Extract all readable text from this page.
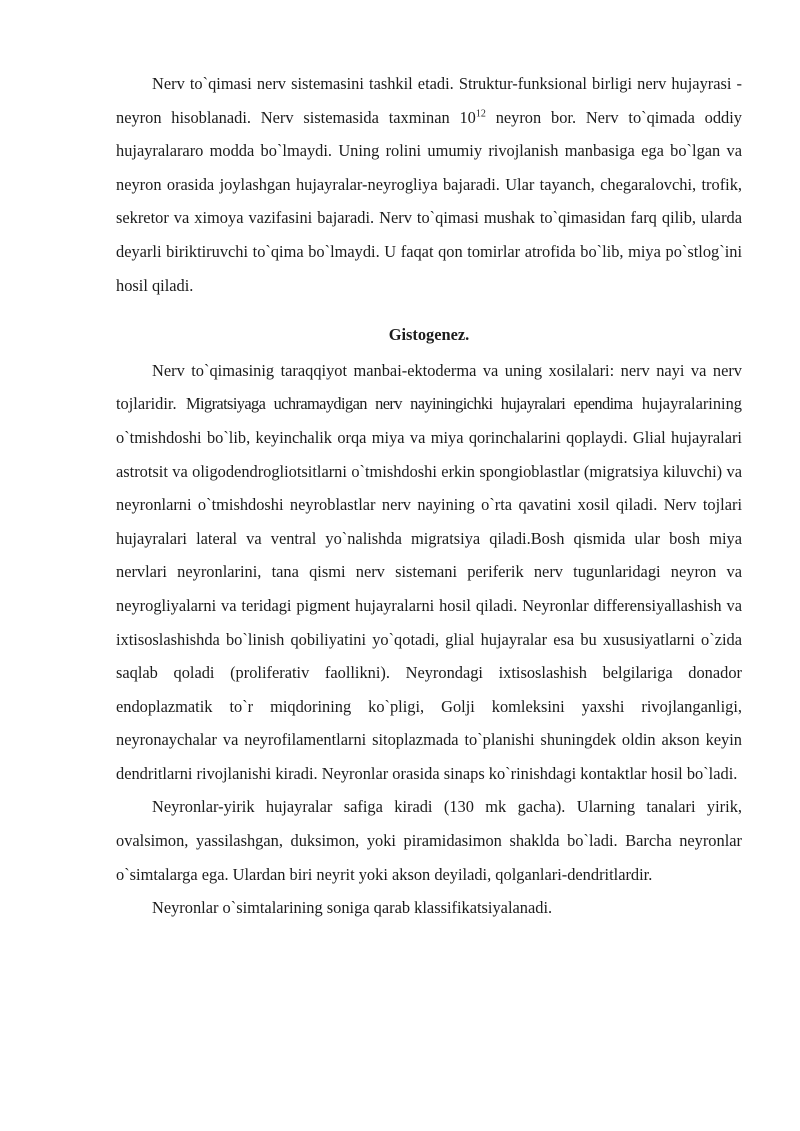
Nerv to`qimasi nerv sistemasini tashkil etadi. Struktur-funksional birligi nerv hujayrasi -neyron hisoblanadi. Nerv sistemasida taxminan $10^{12}$ neyron bor. Nerv to`qimada oddiy hujayralararo modda bo`lmaydi. Uning rolini umumiy rivojlanish manbasiga ega bo`lgan va neyron orasida joylashgan hujayralar-neyrogliya bajaradi. Ular tayanch, chegaralovchi, trofik, sekretor va ximoya vazifasini bajaradi. Nerv to`qimasi mushak to`qimasidan farq qilib, ularda deyarli biriktiruvchi to`qima bo`lmaydi. U faqat qon tomirlar atrofida bo`lib, miya po`stlog`ini hosil qiladi.

Gistogenez.

Nerv to`qimasinig taraqqiyot manbai-ektoderma va uning xosilalari: nerv nayi va nerv tojlaridir. Migratsiyaga uchramaydigan nerv nayiningichki hujayralari ependima hujayralarining o`tmishdoshi bo`lib, keyinchalik orqa miya va miya qorinchalarini qoplaydi. Glial hujayralari astrotsit va oligodendrogliotsitlarni o`tmishdoshi erkin spongioblastlar (migratsiya kiluvchi) va neyronlarni o`tmishdoshi neyroblastlar nerv nayining o`rta qavatini xosil qiladi. Nerv tojlari hujayralari lateral va ventral yo`nalishda migratsiya qiladi.Bosh qismida ular bosh miya nervlari neyronlarini, tana qismi nerv sistemani periferik nerv tugunlaridagi neyron va neyrogliyalarni va teridagi pigment hujayralarni hosil qiladi. Neyronlar differensiyallashish va ixtisoslashishda bo`linish qobiliyatini yo`qotadi, glial hujayralar esa bu xususiyatlarni o`zida saqlab qoladi (proliferativ faollikni). Neyrondagi ixtisoslashish belgilariga donador endoplazmatik to`r miqdorining ko`pligi, Golji komleksini yaxshi rivojlanganligi, neyronaychalar va neyrofilamentlarni sitoplazmada to`planishi shuningdek oldin akson keyin dendritlarni rivojlanishi kiradi. Neyronlar orasida sinaps ko`rinishdagi kontaktlar hosil bo`ladi.

Neyronlar-yirik hujayralar safiga kiradi (130 mk gacha). Ularning tanalari yirik, ovalsimon, yassilashgan, duksimon, yoki piramidasimon shaklda bo`ladi. Barcha neyronlar o`simtalarga ega. Ulardan biri neyrit yoki akson deyiladi, qolganlari-dendritlardir.

Neyronlar o`simtalarining soniga qarab klassifikatsiyalanadi.
